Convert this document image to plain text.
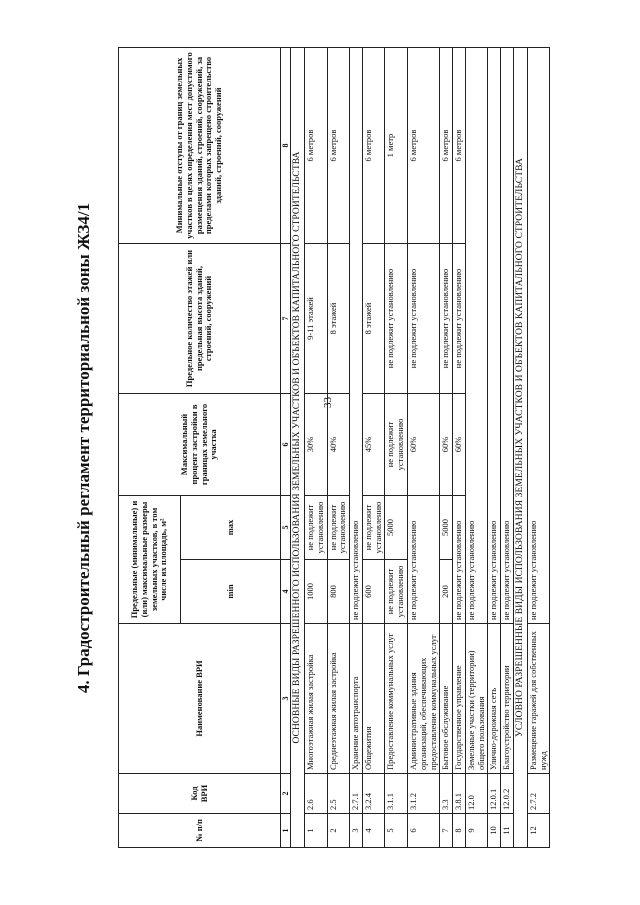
33
4. Градостроительный регламент территориальной зоны ЖЗ4/1
№ п/п	Код ВРИ	Наименование ВРИ	Предельные (минимальные) и (или) максимальные размеры земельных участков, в том числе их площадь, м²		Максимальный процент застройки в границах земельного участка	Предельное количество этажей или предельная высота зданий, строений, сооружений	Минимальные отступы от границ земельных участков в целях определения мест допустимого размещения зданий, строений, сооружений, за пределами которых запрещено строительство зданий, строений, сооружений
			min	max			
1	2	3	4	5	6	7	8
ОСНОВНЫЕ ВИДЫ РАЗРЕШЕННОГО ИСПОЛЬЗОВАНИЯ ЗЕМЕЛЬНЫХ УЧАСТКОВ И ОБЪЕКТОВ КАПИТАЛЬНОГО СТРОИТЕЛЬСТВА							
1	2.6	Многоэтажная жилая застройка	1000	не подлежит установлению	30%	9-11 этажей	6 метров
2	2.5	Среднеэтажная жилая застройка	800	не подлежит установлению	40%	8 этажей	6 метров
3	2.7.1	Хранение автотранспорта	не подлежит установлению				
4	3.2.4	Общежития	600	не подлежит установлению	45%	8 этажей	6 метров
5	3.1.1	Предоставление коммунальных услуг	не подлежит установлению	5000	не подлежит установлению	не подлежит установлению	1 метр
6	3.1.2	Административные здания организаций, обеспечивающих предоставление коммунальных услуг	не подлежит установлению		60%	не подлежит установлению	6 метров
7	3.3	Бытовое обслуживание	200	5000	60%	не подлежит установлению	6 метров
8	3.8.1	Государственное управление	не подлежит установлению		60%	не подлежит установлению	6 метров
9	12.0	Земельные участки (территории) общего пользования	не подлежит установлению				
10	12.0.1	Улично-дорожная сеть	не подлежит установлению				
11	12.0.2	Благоустройство территории	не подлежит установлению				
УСЛОВНО РАЗРЕШЕННЫЕ ВИДЫ ИСПОЛЬЗОВАНИЯ ЗЕМЕЛЬНЫХ УЧАСТКОВ И ОБЪЕКТОВ КАПИТАЛЬНОГО СТРОИТЕЛЬСТВА							
12	2.7.2	Размещение гаражей для собственных нужд	не подлежит установлению				
